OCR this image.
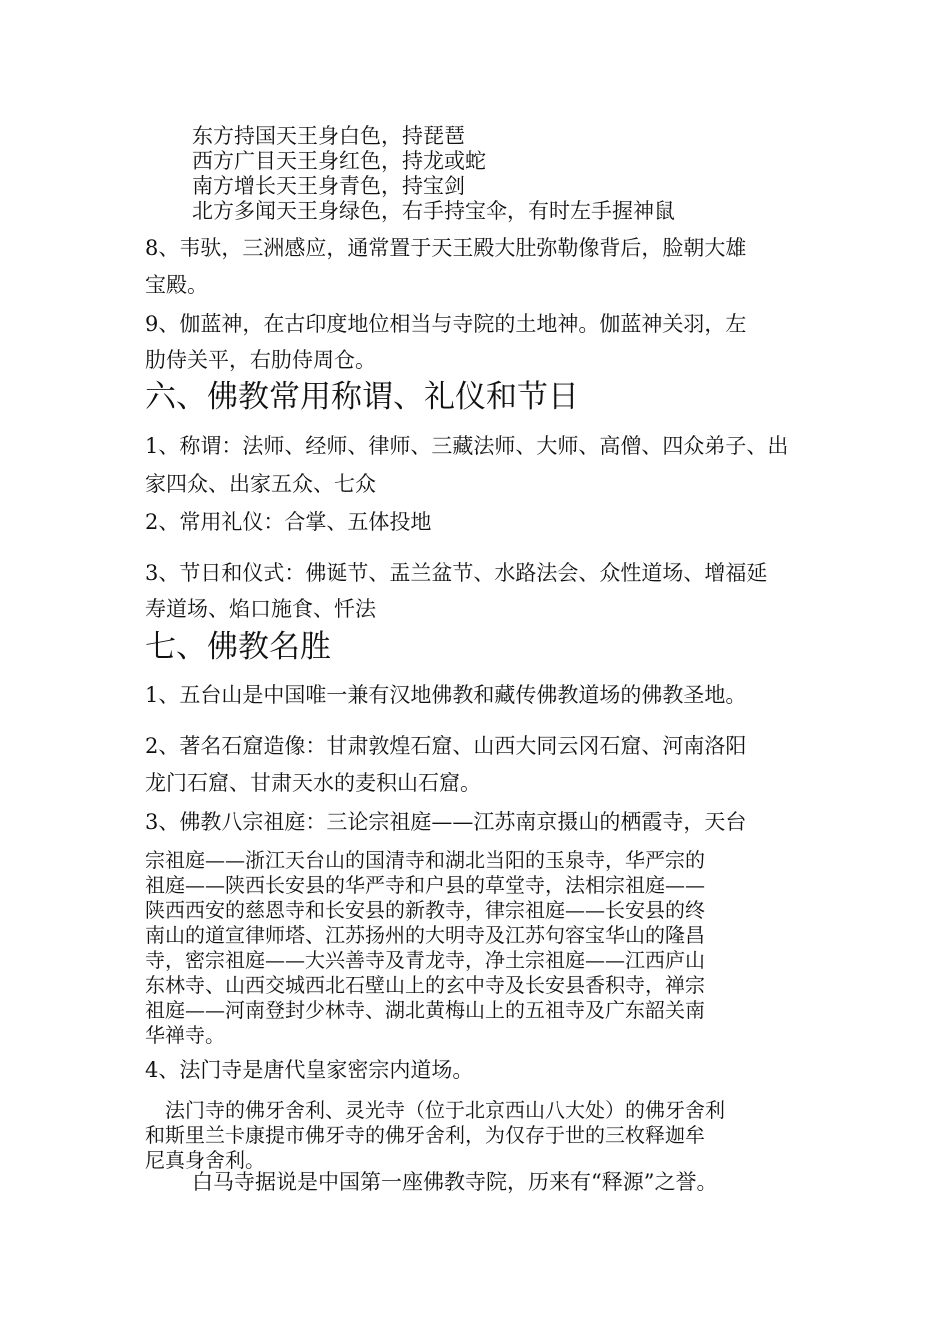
东方持国天王身白色，持琵琶
西方广目天王身红色，持龙或蛇
南方增长天王身青色，持宝剑
北方多闻天王身绿色，右手持宝伞，有时左手握神鼠
8、韦驮，三洲感应，通常置于天王殿大肚弥勒像背后，脸朝大雄
宝殿。
9、伽蓝神，在古印度地位相当与寺院的土地神。伽蓝神关羽，左
肋侍关平，右肋侍周仓。
六、佛教常用称谓、礼仪和节日
1、称谓：法师、经师、律师、三藏法师、大师、高僧、四众弟子、出
家四众、出家五众、七众
2、常用礼仪：合掌、五体投地
3、节日和仪式：佛诞节、盂兰盆节、水路法会、众性道场、增福延
寿道场、焰口施食、忏法
七、佛教名胜
1、五台山是中国唯一兼有汉地佛教和藏传佛教道场的佛教圣地。
2、著名石窟造像：甘肃敦煌石窟、山西大同云冈石窟、河南洛阳
龙门石窟、甘肃天水的麦积山石窟。
3、佛教八宗祖庭：三论宗祖庭——江苏南京摄山的栖霞寺，天台
宗祖庭——浙江天台山的国清寺和湖北当阳的玉泉寺，华严宗的
祖庭——陕西长安县的华严寺和户县的草堂寺，法相宗祖庭——
陕西西安的慈恩寺和长安县的新教寺，律宗祖庭——长安县的终
南山的道宣律师塔、江苏扬州的大明寺及江苏句容宝华山的隆昌
寺，密宗祖庭——大兴善寺及青龙寺，净土宗祖庭——江西庐山
东林寺、山西交城西北石壁山上的玄中寺及长安县香积寺，禅宗
祖庭——河南登封少林寺、湖北黄梅山上的五祖寺及广东韶关南
华禅寺。
4、法门寺是唐代皇家密宗内道场。
　法门寺的佛牙舍利、灵光寺（位于北京西山八大处）的佛牙舍利
和斯里兰卡康提市佛牙寺的佛牙舍利，为仅存于世的三枚释迦牟
尼真身舍利。
白马寺据说是中国第一座佛教寺院，历来有“释源”之誉。
